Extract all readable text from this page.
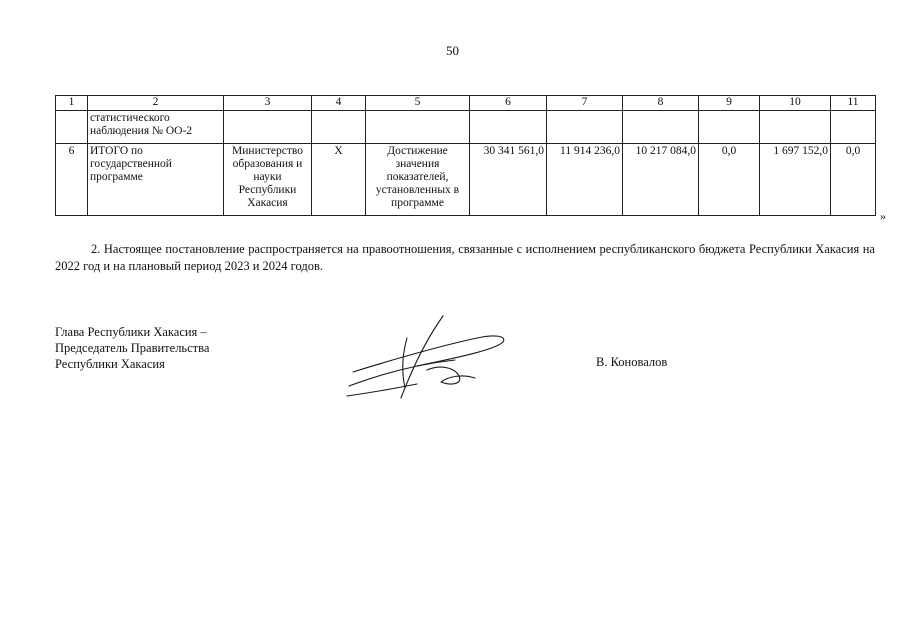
50
1	2	3	4	5	6	7	8	9	10	11
	статистического наблюдения № ОО-2									
6	ИТОГО по государственной программе	Министерство образования и науки Республики Хакасия	Х	Достижение значения показателей, установленных в программе	30 341 561,0	11 914 236,0	10 217 084,0	0,0	1 697 152,0	0,0
»

2. Настоящее постановление распространяется на правоотношения, связанные с исполнением республиканского бюджета Республики Хакасия на 2022 год и на плановый период 2023 и 2024 годов.

Глава Республики Хакасия –
Председатель Правительства
Республики Хакасия	В. Коновалов
